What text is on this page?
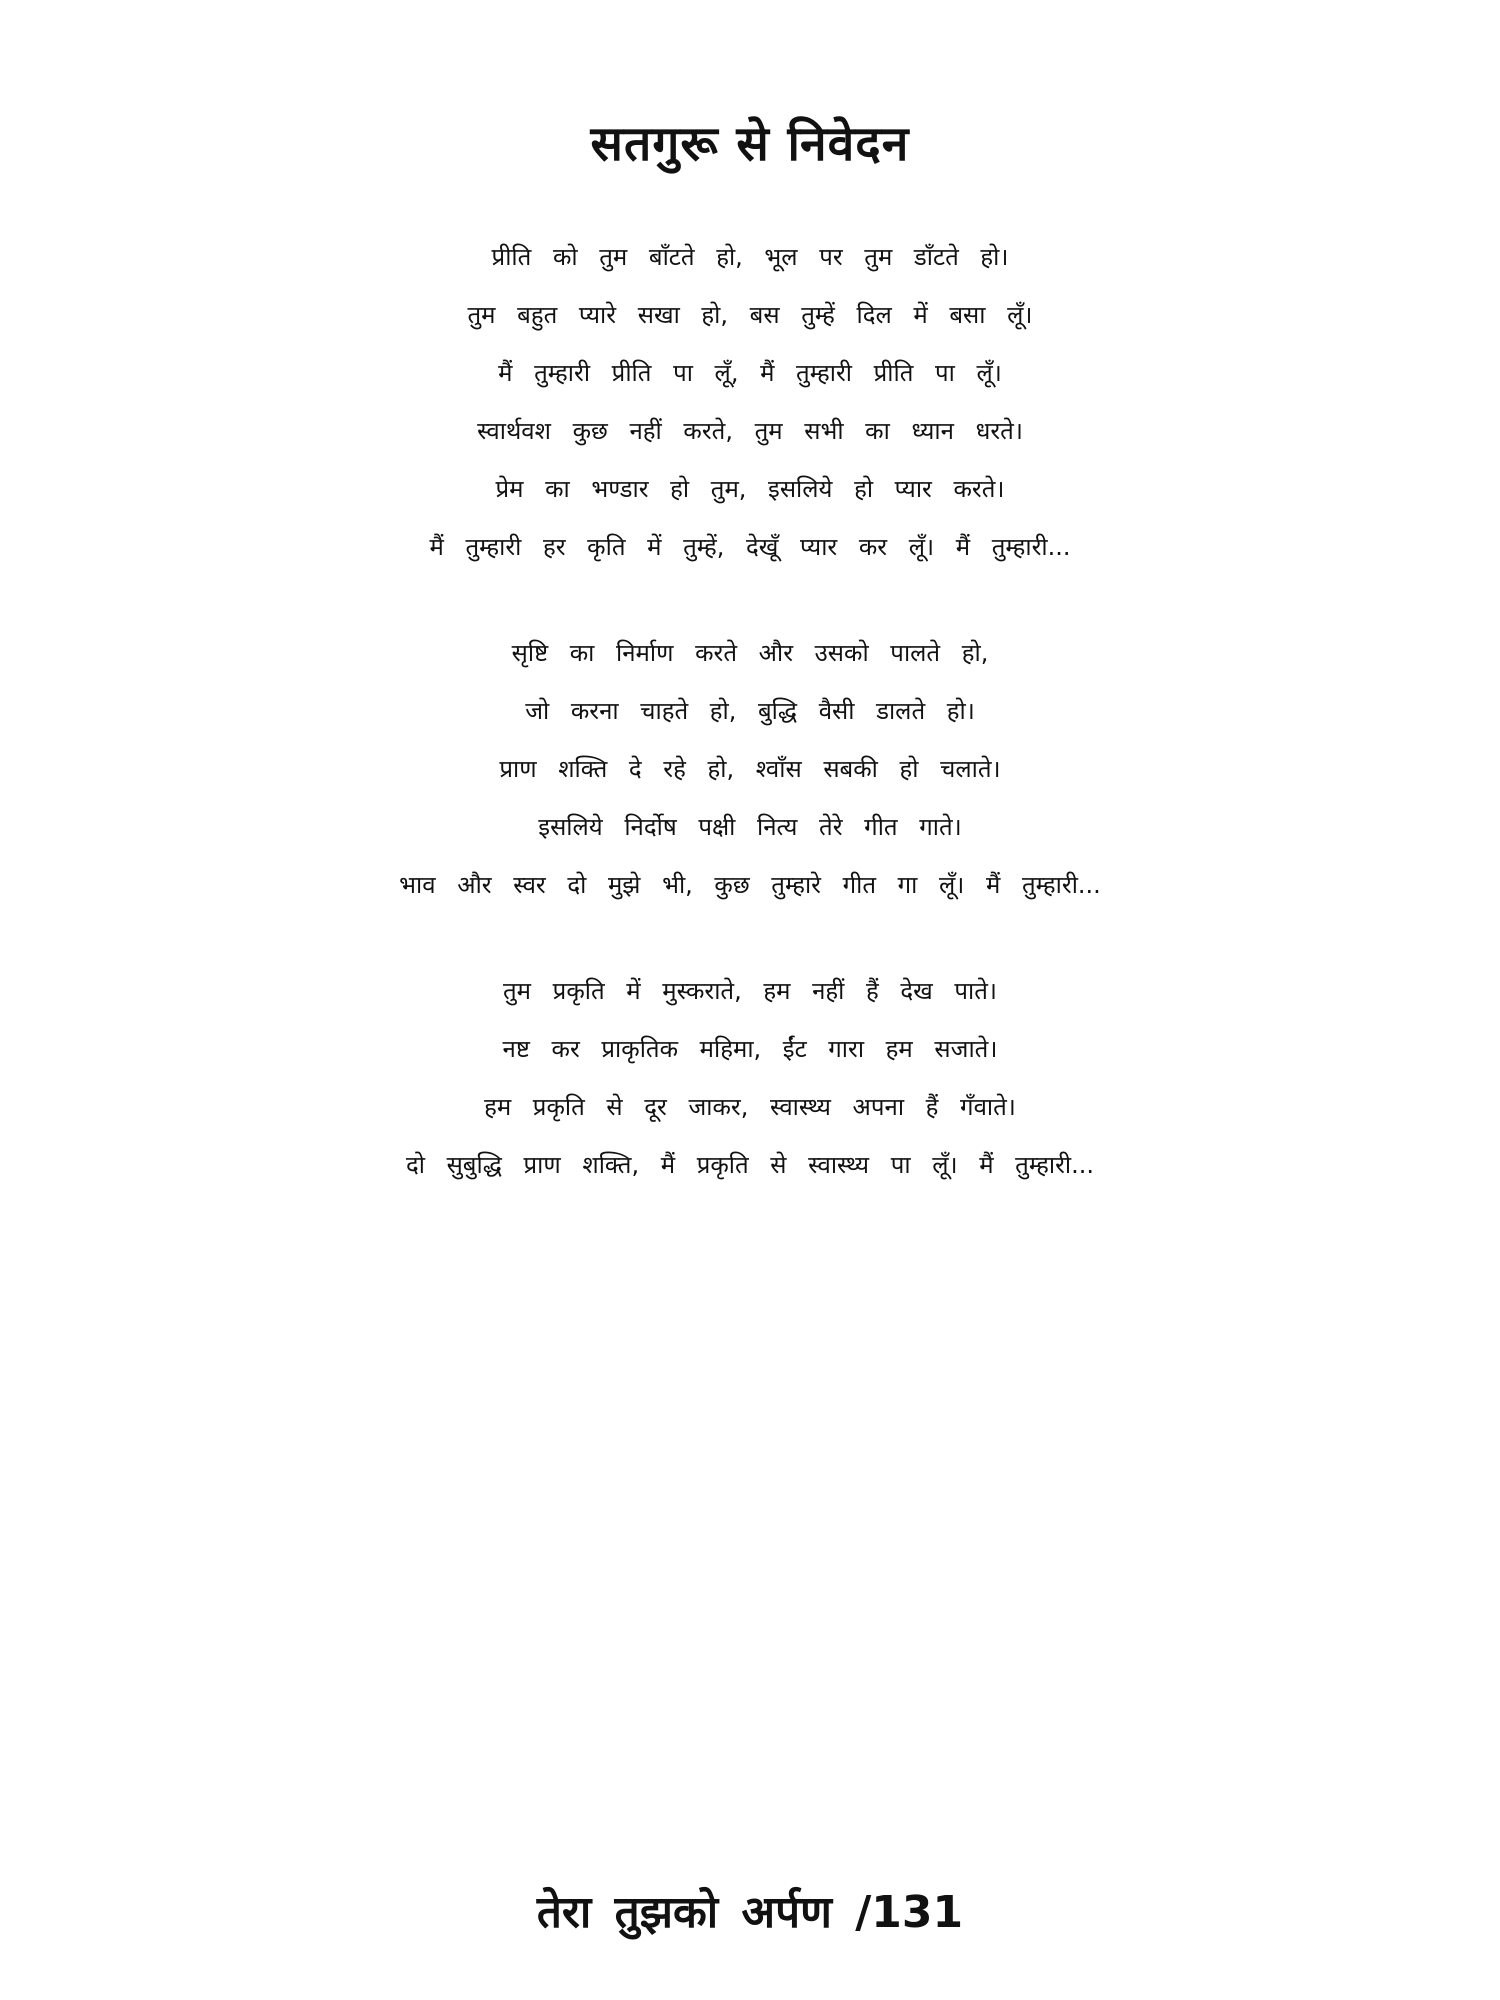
सतगुरू से निवेदन
प्रीति को तुम बाँटते हो, भूल पर तुम डाँटते हो।
तुम बहुत प्यारे सखा हो, बस तुम्हें दिल में बसा लूँ।
मैं तुम्हारी प्रीति पा लूँ, मैं तुम्हारी प्रीति पा लूँ।
स्वार्थवश कुछ नहीं करते, तुम सभी का ध्यान धरते।
प्रेम का भण्डार हो तुम, इसलिये हो प्यार करते।
मैं तुम्हारी हर कृति में तुम्हें, देखूँ प्यार कर लूँ। मैं तुम्हारी...
सृष्टि का निर्माण करते और उसको पालते हो,
जो करना चाहते हो, बुद्धि वैसी डालते हो।
प्राण शक्ति दे रहे हो, श्वाँस सबकी हो चलाते।
इसलिये निर्दोष पक्षी नित्य तेरे गीत गाते।
भाव और स्वर दो मुझे भी, कुछ तुम्हारे गीत गा लूँ। मैं तुम्हारी...
तुम प्रकृति में मुस्कराते, हम नहीं हैं देख पाते।
नष्ट कर प्राकृतिक महिमा, ईंट गारा हम सजाते।
हम प्रकृति से दूर जाकर, स्वास्थ्य अपना हैं गँवाते।
दो सुबुद्धि प्राण शक्ति, मैं प्रकृति से स्वास्थ्य पा लूँ। मैं तुम्हारी...
तेरा तुझको अर्पण /131
